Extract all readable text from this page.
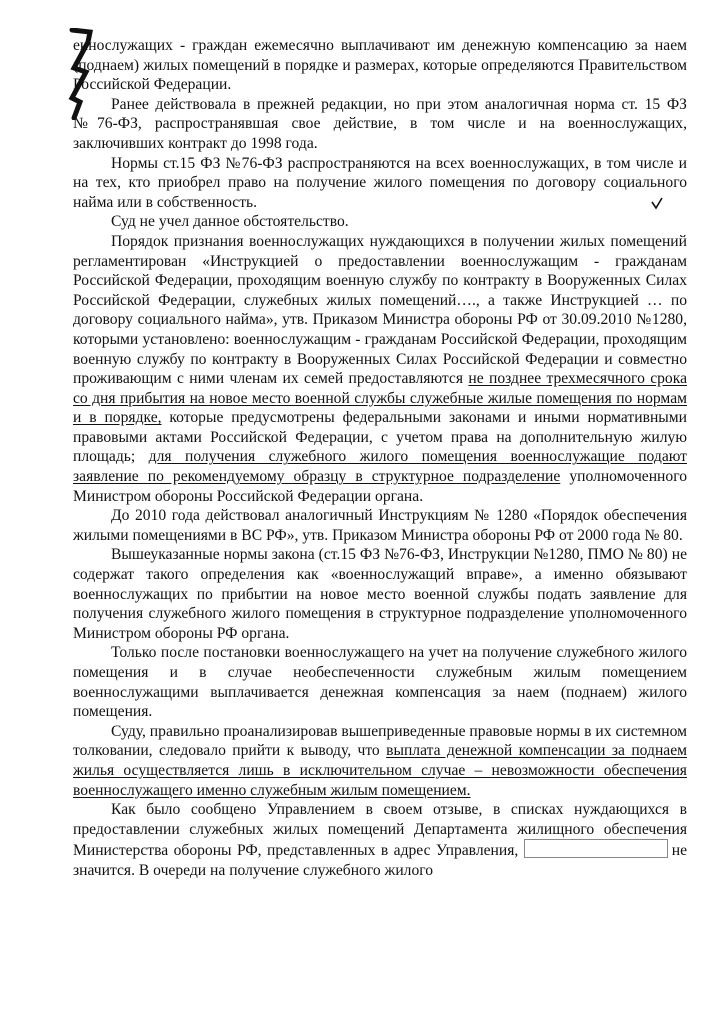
еннослужащих - граждан ежемесячно выплачивают им денежную компенсацию за наем (поднаем) жилых помещений в порядке и размерах, которые определяются Правительством Российской Федерации.

Ранее действовала в прежней редакции, но при этом аналогичная норма ст. 15 ФЗ №76-ФЗ, распространявшая свое действие, в том числе и на военнослужащих, заключивших контракт до 1998 года.

Нормы ст.15 ФЗ №76-ФЗ распространяются на всех военнослужащих, в том числе и на тех, кто приобрел право на получение жилого помещения по договору социального найма или в собственность.

Суд не учел данное обстоятельство.

Порядок признания военнослужащих нуждающихся в получении жилых помещений регламентирован «Инструкцией о предоставлении военнослужащим - гражданам Российской Федерации, проходящим военную службу по контракту в Вооруженных Силах Российской Федерации, служебных жилых помещений…., а также Инструкцией … по договору социального найма», утв. Приказом Министра обороны РФ от 30.09.2010 №1280, которыми установлено: военнослужащим - гражданам Российской Федерации, проходящим военную службу по контракту в Вооруженных Силах Российской Федерации и совместно проживающим с ними членам их семей предоставляются не позднее трехмесячного срока со дня прибытия на новое место военной службы служебные жилые помещения по нормам и в порядке, которые предусмотрены федеральными законами и иными нормативными правовыми актами Российской Федерации, с учетом права на дополнительную жилую площадь; для получения служебного жилого помещения военнослужащие подают заявление по рекомендуемому образцу в структурное подразделение уполномоченного Министром обороны Российской Федерации органа.

До 2010 года действовал аналогичный Инструкциям № 1280 «Порядок обеспечения жилыми помещениями в ВС РФ», утв. Приказом Министра обороны РФ от 2000 года № 80.

Вышеуказанные нормы закона (ст.15 ФЗ №76-ФЗ, Инструкции №1280, ПМО № 80) не содержат такого определения как «военнослужащий вправе», а именно обязывают военнослужащих по прибытии на новое место военной службы подать заявление для получения служебного жилого помещения в структурное подразделение уполномоченного Министром обороны РФ органа.

Только после постановки военнослужащего на учет на получение служебного жилого помещения и в случае необеспеченности служебным жилым помещением военнослужащими выплачивается денежная компенсация за наем (поднаем) жилого помещения.

Суду, правильно проанализировав вышеприведенные правовые нормы в их системном толковании, следовало прийти к выводу, что выплата денежной компенсации за поднаем жилья осуществляется лишь в исключительном случае – невозможности обеспечения военнослужащего именно служебным жилым помещением.

Как было сообщено Управлением в своем отзыве, в списках нуждающихся в предоставлении служебных жилых помещений Департамента жилищного обеспечения Министерства обороны РФ, представленных в адрес Управления,	не значится. В очереди на получение служебного жилого
